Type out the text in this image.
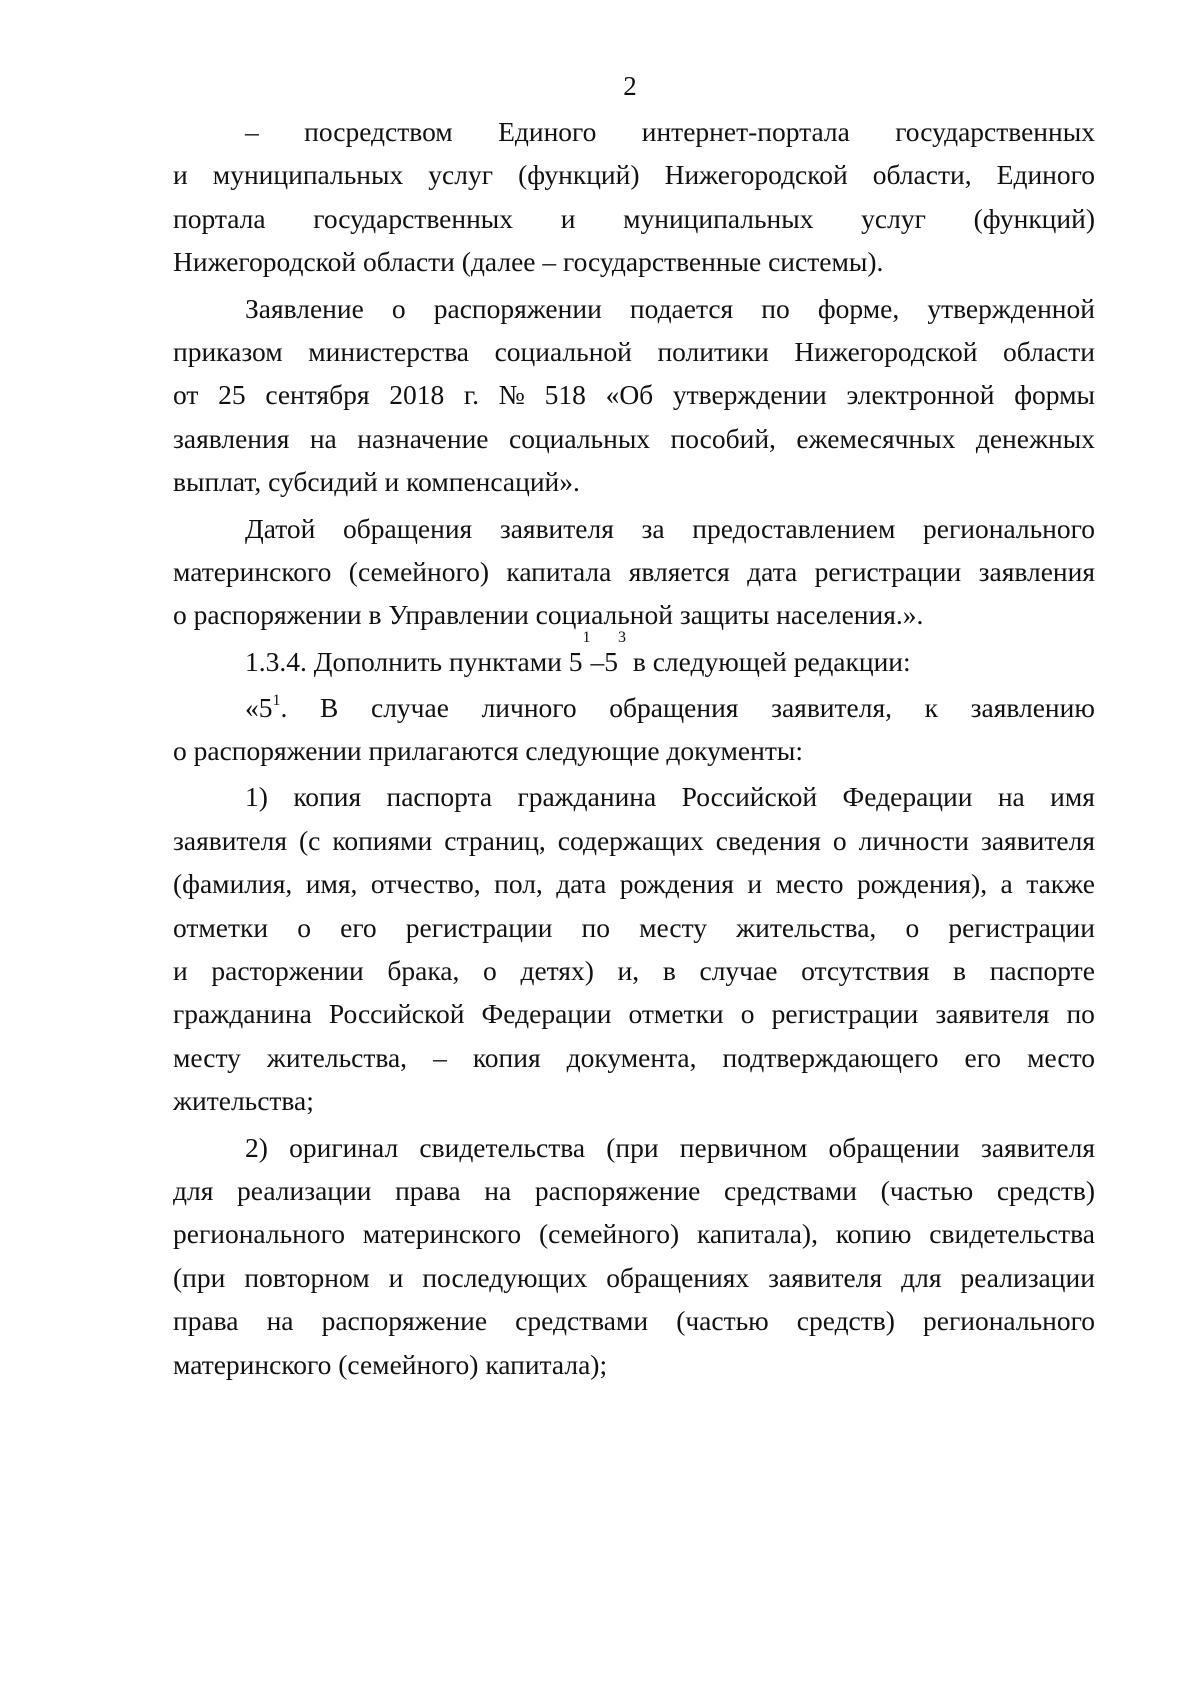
2
– посредством Единого интернет-портала государственных
и муниципальных услуг (функций) Нижегородской области, Единого
портала государственных и муниципальных услуг (функций)
Нижегородской области (далее – государственные системы).
Заявление о распоряжении подается по форме, утвержденной
приказом министерства социальной политики Нижегородской области
от 25 сентября 2018 г. № 518 «Об утверждении электронной формы
заявления на назначение социальных пособий, ежемесячных денежных
выплат, субсидий и компенсаций».
Датой обращения заявителя за предоставлением регионального
материнского (семейного) капитала является дата регистрации заявления
о распоряжении в Управлении социальной защиты населения.».
1.3.4. Дополнить пунктами 5
$^1$
–5
$^3$
в следующей редакции:
«$5^1$. В случае личного обращения заявителя, к заявлению
о распоряжении прилагаются следующие документы:
1) копия паспорта гражданина Российской Федерации на имя
заявителя (с копиями страниц, содержащих сведения о личности заявителя
(фамилия, имя, отчество, пол, дата рождения и место рождения), а также
отметки о его регистрации по месту жительства, о регистрации
и расторжении брака, о детях) и, в случае отсутствия в паспорте
гражданина Российской Федерации отметки о регистрации заявителя по
месту жительства, – копия документа, подтверждающего его место
жительства;
2) оригинал свидетельства (при первичном обращении заявителя
для реализации права на распоряжение средствами (частью средств)
регионального материнского (семейного) капитала), копию свидетельства
(при повторном и последующих обращениях заявителя для реализации
права на распоряжение средствами (частью средств) регионального
материнского (семейного) капитала);
